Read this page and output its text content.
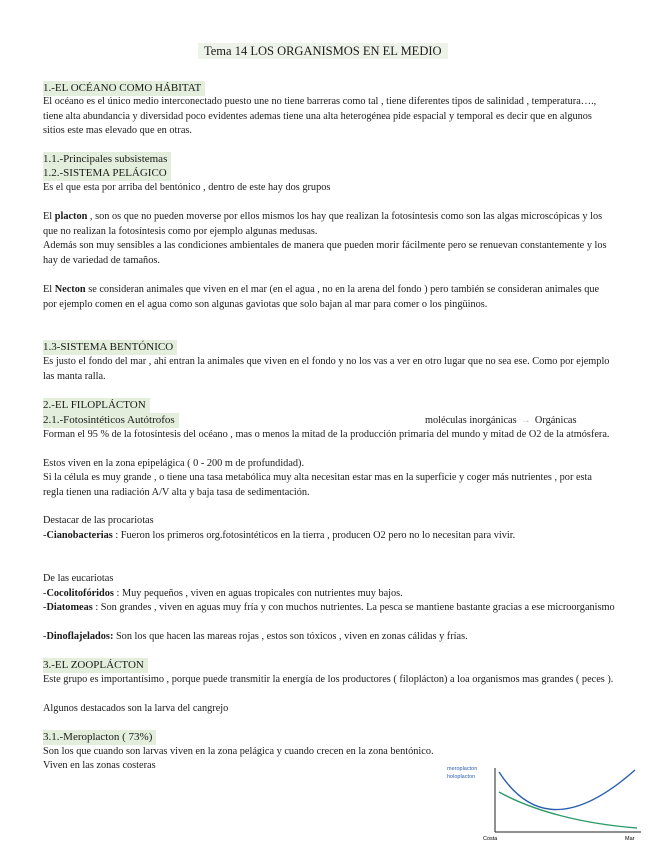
Tema 14 LOS ORGANISMOS EN EL MEDIO
1.-EL OCÉANO COMO HÁBITAT

El océano es el único medio interconectado puesto une no tiene barreras como tal , tiene diferentes tipos de salinidad , temperatura…., tiene alta abundancia y diversidad poco evidentes ademas tiene una alta heterogénea pide espacial y temporal es decir que en algunos sitios este mas elevado que en otras.

1.1.-Principales subsistemas
1.2.-SISTEMA PELÁGICO

Es el que esta por arriba del bentónico , dentro de este hay dos grupos

El placton , son os que no pueden moverse por ellos mismos los hay que realizan la fotosíntesis como son las algas microscópicas y los que no realizan la fotosíntesis como por ejemplo algunas medusas.

Además son muy sensibles a las condiciones ambientales de manera que pueden morir fácilmente pero se renuevan constantemente y los hay de variedad de tamaños.

El Necton se consideran animales que viven en el mar (en el agua , no en la arena del fondo ) pero también se consideran animales que por ejemplo comen en el agua como son algunas gaviotas que solo bajan al mar para comer o los pingüinos.

1.3-SISTEMA BENTÓNICO

Es justo el fondo del mar , ahí entran la animales que viven en el fondo y no los vas a ver en otro lugar que no sea ese. Como por ejemplo las manta ralla.

2.-EL FILOPLÁCTON
2.1.-Fotosintéticos Autótrofos	moléculas inorgánicas → Orgánicas

Forman el 95 % de la fotosíntesis del océano , mas o menos la mitad de la producción primaria del mundo y mitad de O2 de la atmósfera.

Estos viven en la zona epipelágica ( 0 - 200 m de profundidad).

Si la célula es muy grande , o tiene una tasa metabólica muy alta necesitan estar mas en la superficie y coger más nutrientes , por esta regla tienen una radiación A/V alta y baja tasa de sedimentación.

Destacar de las procariotas

-Cianobacterias : Fueron los primeros org.fotosintéticos en la tierra , producen O2 pero no lo necesitan para vivir.

De las eucariotas

-Cocolitofóridos : Muy pequeños , viven en aguas tropicales con nutrientes muy bajos.

-Diatomeas : Son grandes , viven en aguas muy fría y con muchos nutrientes. La pesca se mantiene bastante gracias a ese microorganismo

-Dinoflajelados: Son los que hacen las mareas rojas , estos son tóxicos , viven en zonas cálidas y frías.

3.-EL ZOOPLÁCTON

Este grupo es importantísimo , porque puede transmitir la energía de los productores ( filoplácton) a loa organismos mas grandes ( peces ).

Algunos destacados son la larva del cangrejo

3.1.-Meroplacton ( 73%)

Son los que cuando son larvas viven en la zona pelágica y cuando crecen en la zona bentónico.

Viven en las zonas costeras	meroplacton
holoplacton
Costa	Mar
